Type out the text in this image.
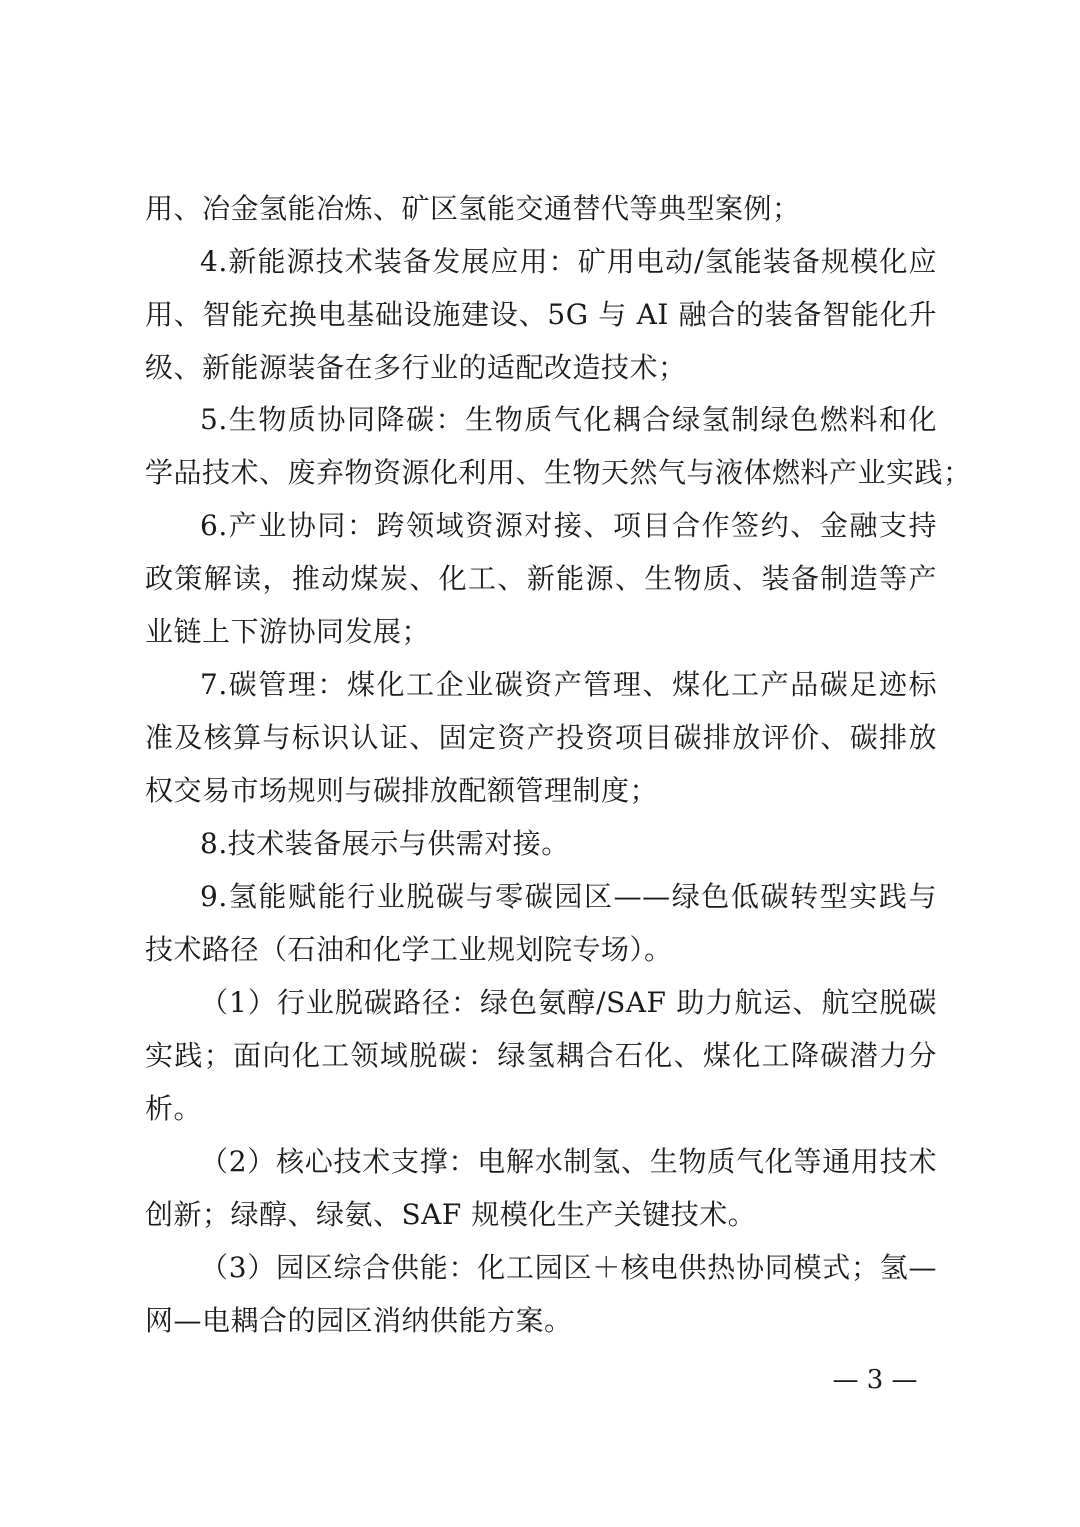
用、冶金氢能冶炼、矿区氢能交通替代等典型案例；
4.新能源技术装备发展应用：矿用电动/氢能装备规模化应
用、智能充换电基础设施建设、5G 与 AI 融合的装备智能化升
级、新能源装备在多行业的适配改造技术；
5.生物质协同降碳：生物质气化耦合绿氢制绿色燃料和化
学品技术、废弃物资源化利用、生物天然气与液体燃料产业实践；
6.产业协同：跨领域资源对接、项目合作签约、金融支持
政策解读，推动煤炭、化工、新能源、生物质、装备制造等产
业链上下游协同发展；
7.碳管理：煤化工企业碳资产管理、煤化工产品碳足迹标
准及核算与标识认证、固定资产投资项目碳排放评价、碳排放
权交易市场规则与碳排放配额管理制度；
8.技术装备展示与供需对接。
9.氢能赋能行业脱碳与零碳园区——绿色低碳转型实践与
技术路径（石油和化学工业规划院专场）。
（1）行业脱碳路径：绿色氨醇/SAF 助力航运、航空脱碳
实践；面向化工领域脱碳：绿氢耦合石化、煤化工降碳潜力分
析。
（2）核心技术支撑：电解水制氢、生物质气化等通用技术
创新；绿醇、绿氨、SAF 规模化生产关键技术。
（3）园区综合供能：化工园区＋核电供热协同模式；氢—
网—电耦合的园区消纳供能方案。
— 3 —
